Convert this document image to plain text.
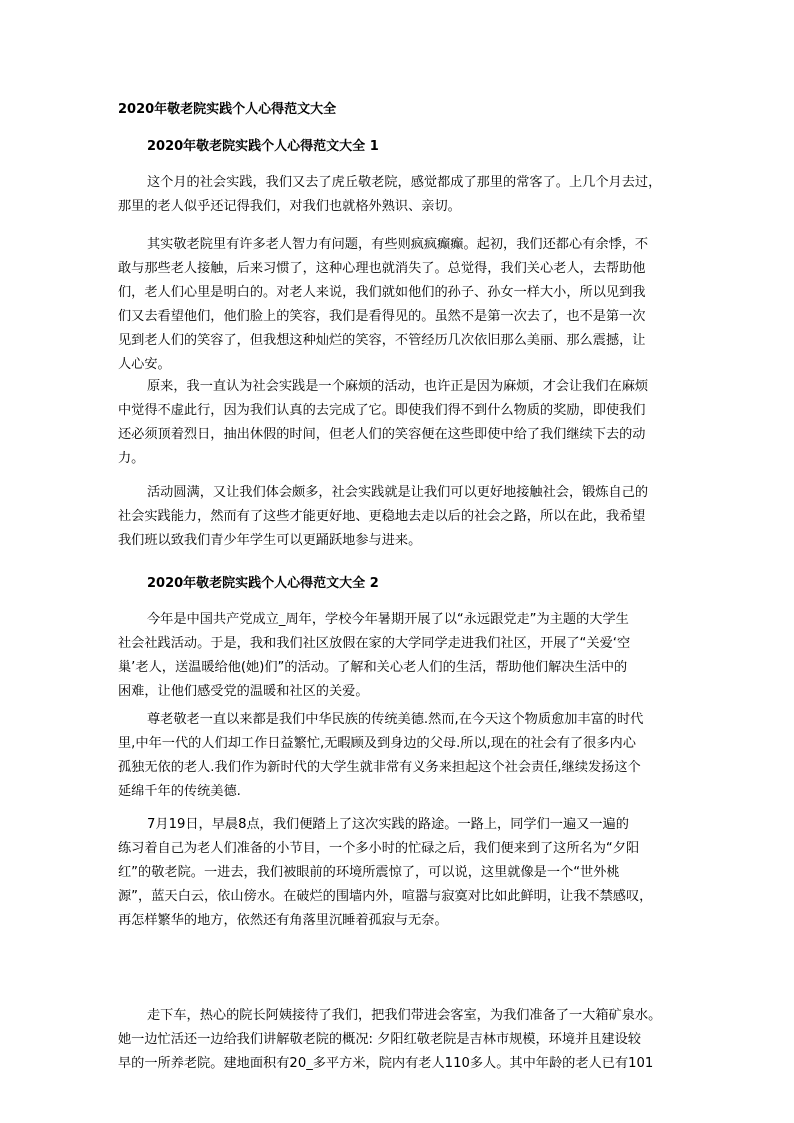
2020年敬老院实践个人心得范文大全
2020年敬老院实践个人心得范文大全 1
这个月的社会实践，我们又去了虎丘敬老院，感觉都成了那里的常客了。上几个月去过，
那里的老人似乎还记得我们，对我们也就格外熟识、亲切。
其实敬老院里有许多老人智力有问题，有些则疯疯癫癫。起初，我们还都心有余悸，不
敢与那些老人接触，后来习惯了，这种心理也就消失了。总觉得，我们关心老人，去帮助他
们，老人们心里是明白的。对老人来说，我们就如他们的孙子、孙女一样大小，所以见到我
们又去看望他们，他们脸上的笑容，我们是看得见的。虽然不是第一次去了，也不是第一次
见到老人们的笑容了，但我想这种灿烂的笑容，不管经历几次依旧那么美丽、那么震撼，让
人心安。
原来，我一直认为社会实践是一个麻烦的活动，也许正是因为麻烦，才会让我们在麻烦
中觉得不虚此行，因为我们认真的去完成了它。即使我们得不到什么物质的奖励，即使我们
还必须顶着烈日，抽出休假的时间，但老人们的笑容便在这些即使中给了我们继续下去的动
力。
活动圆满，又让我们体会颇多，社会实践就是让我们可以更好地接触社会，锻炼自己的
社会实践能力，然而有了这些才能更好地、更稳地去走以后的社会之路，所以在此，我希望
我们班以致我们青少年学生可以更踊跃地参与进来。
2020年敬老院实践个人心得范文大全 2
今年是中国共产党成立_周年，学校今年暑期开展了以“永远跟党走”为主题的大学生
社会社践活动。于是，我和我们社区放假在家的大学同学走进我们社区，开展了“关爱‘空
巢’老人，送温暖给他(她)们”的活动。了解和关心老人们的生活，帮助他们解决生活中的
困难，让他们感受党的温暖和社区的关爱。
尊老敬老一直以来都是我们中华民族的传统美德.然而,在今天这个物质愈加丰富的时代
里,中年一代的人们却工作日益繁忙,无暇顾及到身边的父母.所以,现在的社会有了很多内心
孤独无依的老人.我们作为新时代的大学生就非常有义务来担起这个社会责任,继续发扬这个
延绵千年的传统美德.
7月19日，早晨8点，我们便踏上了这次实践的路途。一路上，同学们一遍又一遍的
练习着自己为老人们准备的小节目，一个多小时的忙碌之后，我们便来到了这所名为“夕阳
红”的敬老院。一进去，我们被眼前的环境所震惊了，可以说，这里就像是一个“世外桃
源”，蓝天白云，依山傍水。在破烂的围墙内外，喧嚣与寂寞对比如此鲜明，让我不禁感叹，
再怎样繁华的地方，依然还有角落里沉睡着孤寂与无奈。
走下车，热心的院长阿姨接待了我们，把我们带进会客室，为我们准备了一大箱矿泉水。
她一边忙活还一边给我们讲解敬老院的概况: 夕阳红敬老院是吉林市规模，环境并且建设较
早的一所养老院。建地面积有20_多平方米，院内有老人110多人。其中年龄的老人已有101
